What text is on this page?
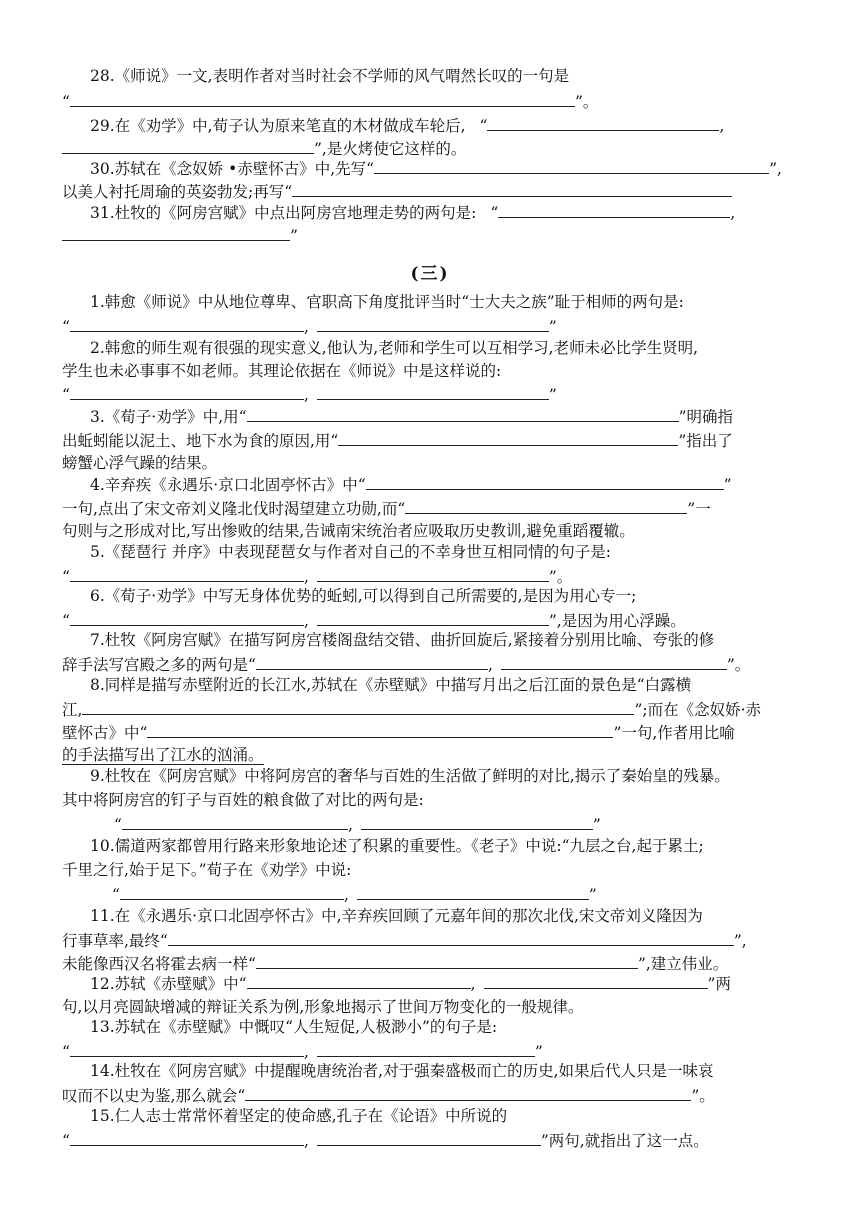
28.《师说》一文,表明作者对当时社会不学师的风气喟然长叹的一句是
“	”。
29.在《劝学》中,荀子认为原来笔直的木材做成车轮后, “	,
”,是火烤使它这样的。
30.苏轼在《念奴娇 •赤壁怀古》中,先写“	”,
以美人衬托周瑜的英姿勃发;再写“
31.杜牧的《阿房宫赋》中点出阿房宫地理走势的两句是: “	,
”
(三)
1.韩愈《师说》中从地位尊卑、官职高下角度批评当时“士大夫之族”耻于相师的两句是:
“	,	”
2.韩愈的师生观有很强的现实意义,他认为,老师和学生可以互相学习,老师未必比学生贤明,
学生也未必事事不如老师。其理论依据在《师说》中是这样说的:
“	,	”
3.《荀子·劝学》中,用“	”明确指
出蚯蚓能以泥土、地下水为食的原因,用“	”指出了
螃蟹心浮气躁的结果。
4.辛弃疾《永遇乐·京口北固亭怀古》中“	”
一句,点出了宋文帝刘义隆北伐时渴望建立功勋,而“	”一
句则与之形成对比,写出惨败的结果,告诫南宋统治者应吸取历史教训,避免重蹈覆辙。
5.《琵琶行 并序》中表现琵琶女与作者对自己的不幸身世互相同情的句子是:
“	,	”。
6.《荀子·劝学》中写无身体优势的蚯蚓,可以得到自己所需要的,是因为用心专一;
“	,	”,是因为用心浮躁。
7.杜牧《阿房宫赋》在描写阿房宫楼阁盘结交错、曲折回旋后,紧接着分别用比喻、夸张的修
辞手法写宫殿之多的两句是“	,	”。
8.同样是描写赤壁附近的长江水,苏轼在《赤壁赋》中描写月出之后江面的景色是“白露横
江,	”;而在《念奴娇·赤
壁怀古》中“	”一句,作者用比喻
的手法描写出了江水的汹涌。
9.杜牧在《阿房宫赋》中将阿房宫的奢华与百姓的生活做了鲜明的对比,揭示了秦始皇的残暴。
其中将阿房宫的钉子与百姓的粮食做了对比的两句是:
“	,	”
10.儒道两家都曾用行路来形象地论述了积累的重要性。《老子》中说:“九层之台,起于累土;
千里之行,始于足下。”荀子在《劝学》中说:
“	,	”
11.在《永遇乐·京口北固亭怀古》中,辛弃疾回顾了元嘉年间的那次北伐,宋文帝刘义隆因为
行事草率,最终“	”,
未能像西汉名将霍去病一样“	”,建立伟业。
12.苏轼《赤壁赋》中“	,	”两
句,以月亮圆缺增减的辩证关系为例,形象地揭示了世间万物变化的一般规律。
13.苏轼在《赤壁赋》中慨叹“人生短促,人极渺小”的句子是:
“	,	”
14.杜牧在《阿房宫赋》中提醒晚唐统治者,对于强秦盛极而亡的历史,如果后代人只是一味哀
叹而不以史为鉴,那么就会“	”。
15.仁人志士常常怀着坚定的使命感,孔子在《论语》中所说的
“	,	”两句,就指出了这一点。
